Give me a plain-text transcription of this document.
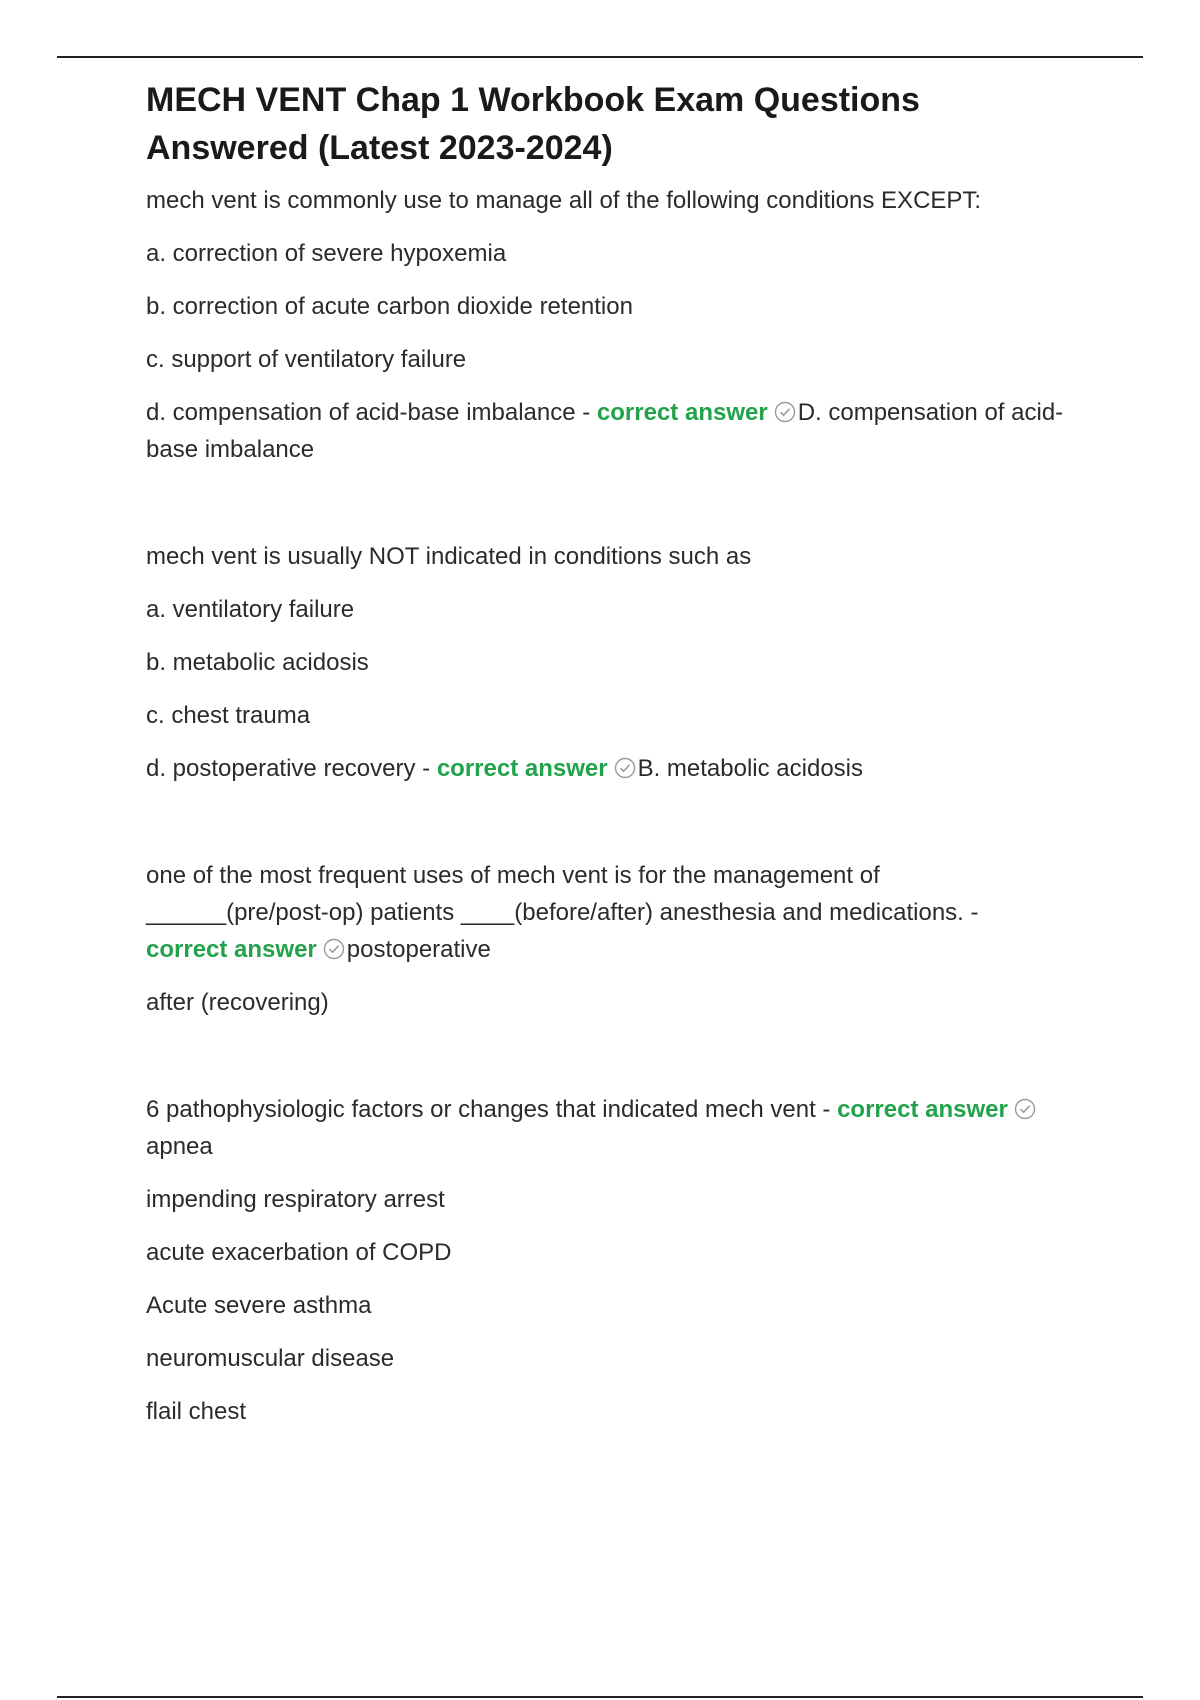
MECH VENT Chap 1 Workbook Exam Questions Answered (Latest 2023-2024)

mech vent is commonly use to manage all of the following conditions EXCEPT:

a. correction of severe hypoxemia

b. correction of acute carbon dioxide retention

c. support of ventilatory failure

d. compensation of acid-base imbalance - correct answer D. compensation of acid-base imbalance

mech vent is usually NOT indicated in conditions such as

a. ventilatory failure

b. metabolic acidosis

c. chest trauma

d. postoperative recovery - correct answer B. metabolic acidosis

one of the most frequent uses of mech vent is for the management of ______(pre/post-op) patients ____(before/after) anesthesia and medications. - correct answer postoperative

after (recovering)

6 pathophysiologic factors or changes that indicated mech vent - correct answer
apnea

impending respiratory arrest

acute exacerbation of COPD

Acute severe asthma

neuromuscular disease

flail chest
